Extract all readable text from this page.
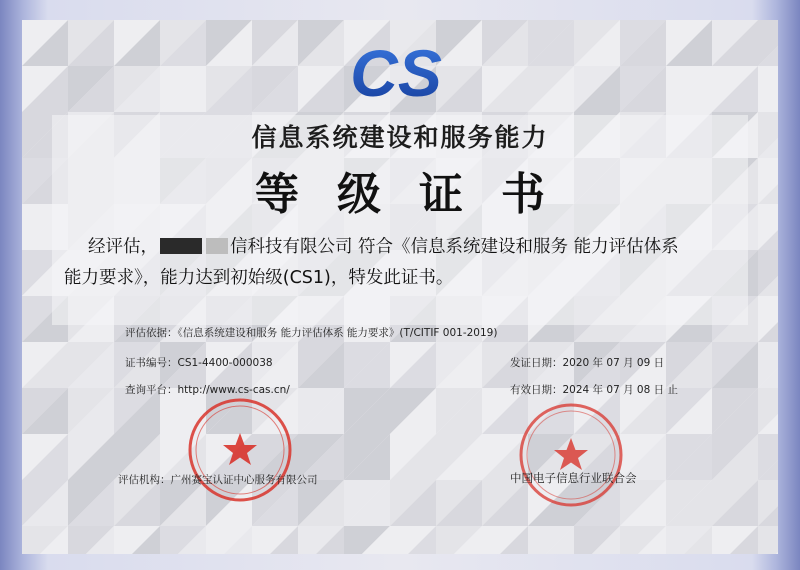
CS
信息系统建设和服务能力
等级证书
经评估，	信科技有限公司 符合《信息系统建设和服务 能力评估体系
能力要求》，能力达到初始级(CS1)，特发此证书。
评估依据：《信息系统建设和服务 能力评估体系 能力要求》(T/CITIF 001-2019)
证书编号：CS1-4400-000038
查询平台：http://www.cs-cas.cn/
发证日期：2020 年 07 月 09 日
有效日期：2024 年 07 月 08 日 止
评估机构：广州赛宝认证中心服务有限公司	中国电子信息行业联合会
